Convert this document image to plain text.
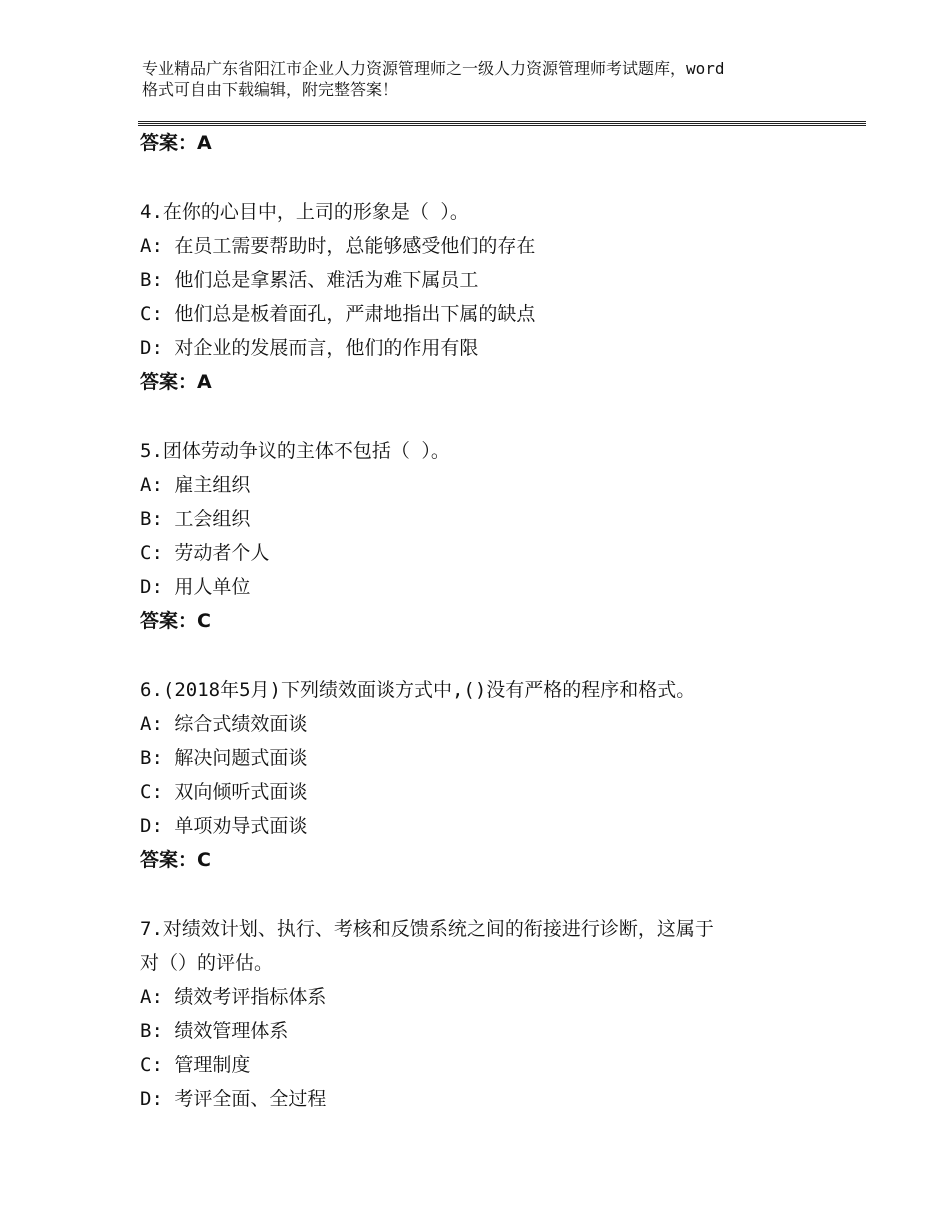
专业精品广东省阳江市企业人力资源管理师之一级人力资源管理师考试题库，word
格式可自由下载编辑，附完整答案！
答案：A
4.在你的心目中，上司的形象是（ ）。
A: 在员工需要帮助时，总能够感受他们的存在
B: 他们总是拿累活、难活为难下属员工
C: 他们总是板着面孔，严肃地指出下属的缺点
D: 对企业的发展而言，他们的作用有限
答案：A
5.团体劳动争议的主体不包括（ ）。
A: 雇主组织
B: 工会组织
C: 劳动者个人
D: 用人单位
答案：C
6.(2018年5月)下列绩效面谈方式中,()没有严格的程序和格式。
A: 综合式绩效面谈
B: 解决问题式面谈
C: 双向倾听式面谈
D: 单项劝导式面谈
答案：C
7.对绩效计划、执行、考核和反馈系统之间的衔接进行诊断，这属于
对（）的评估。
A: 绩效考评指标体系
B: 绩效管理体系
C: 管理制度
D: 考评全面、全过程
